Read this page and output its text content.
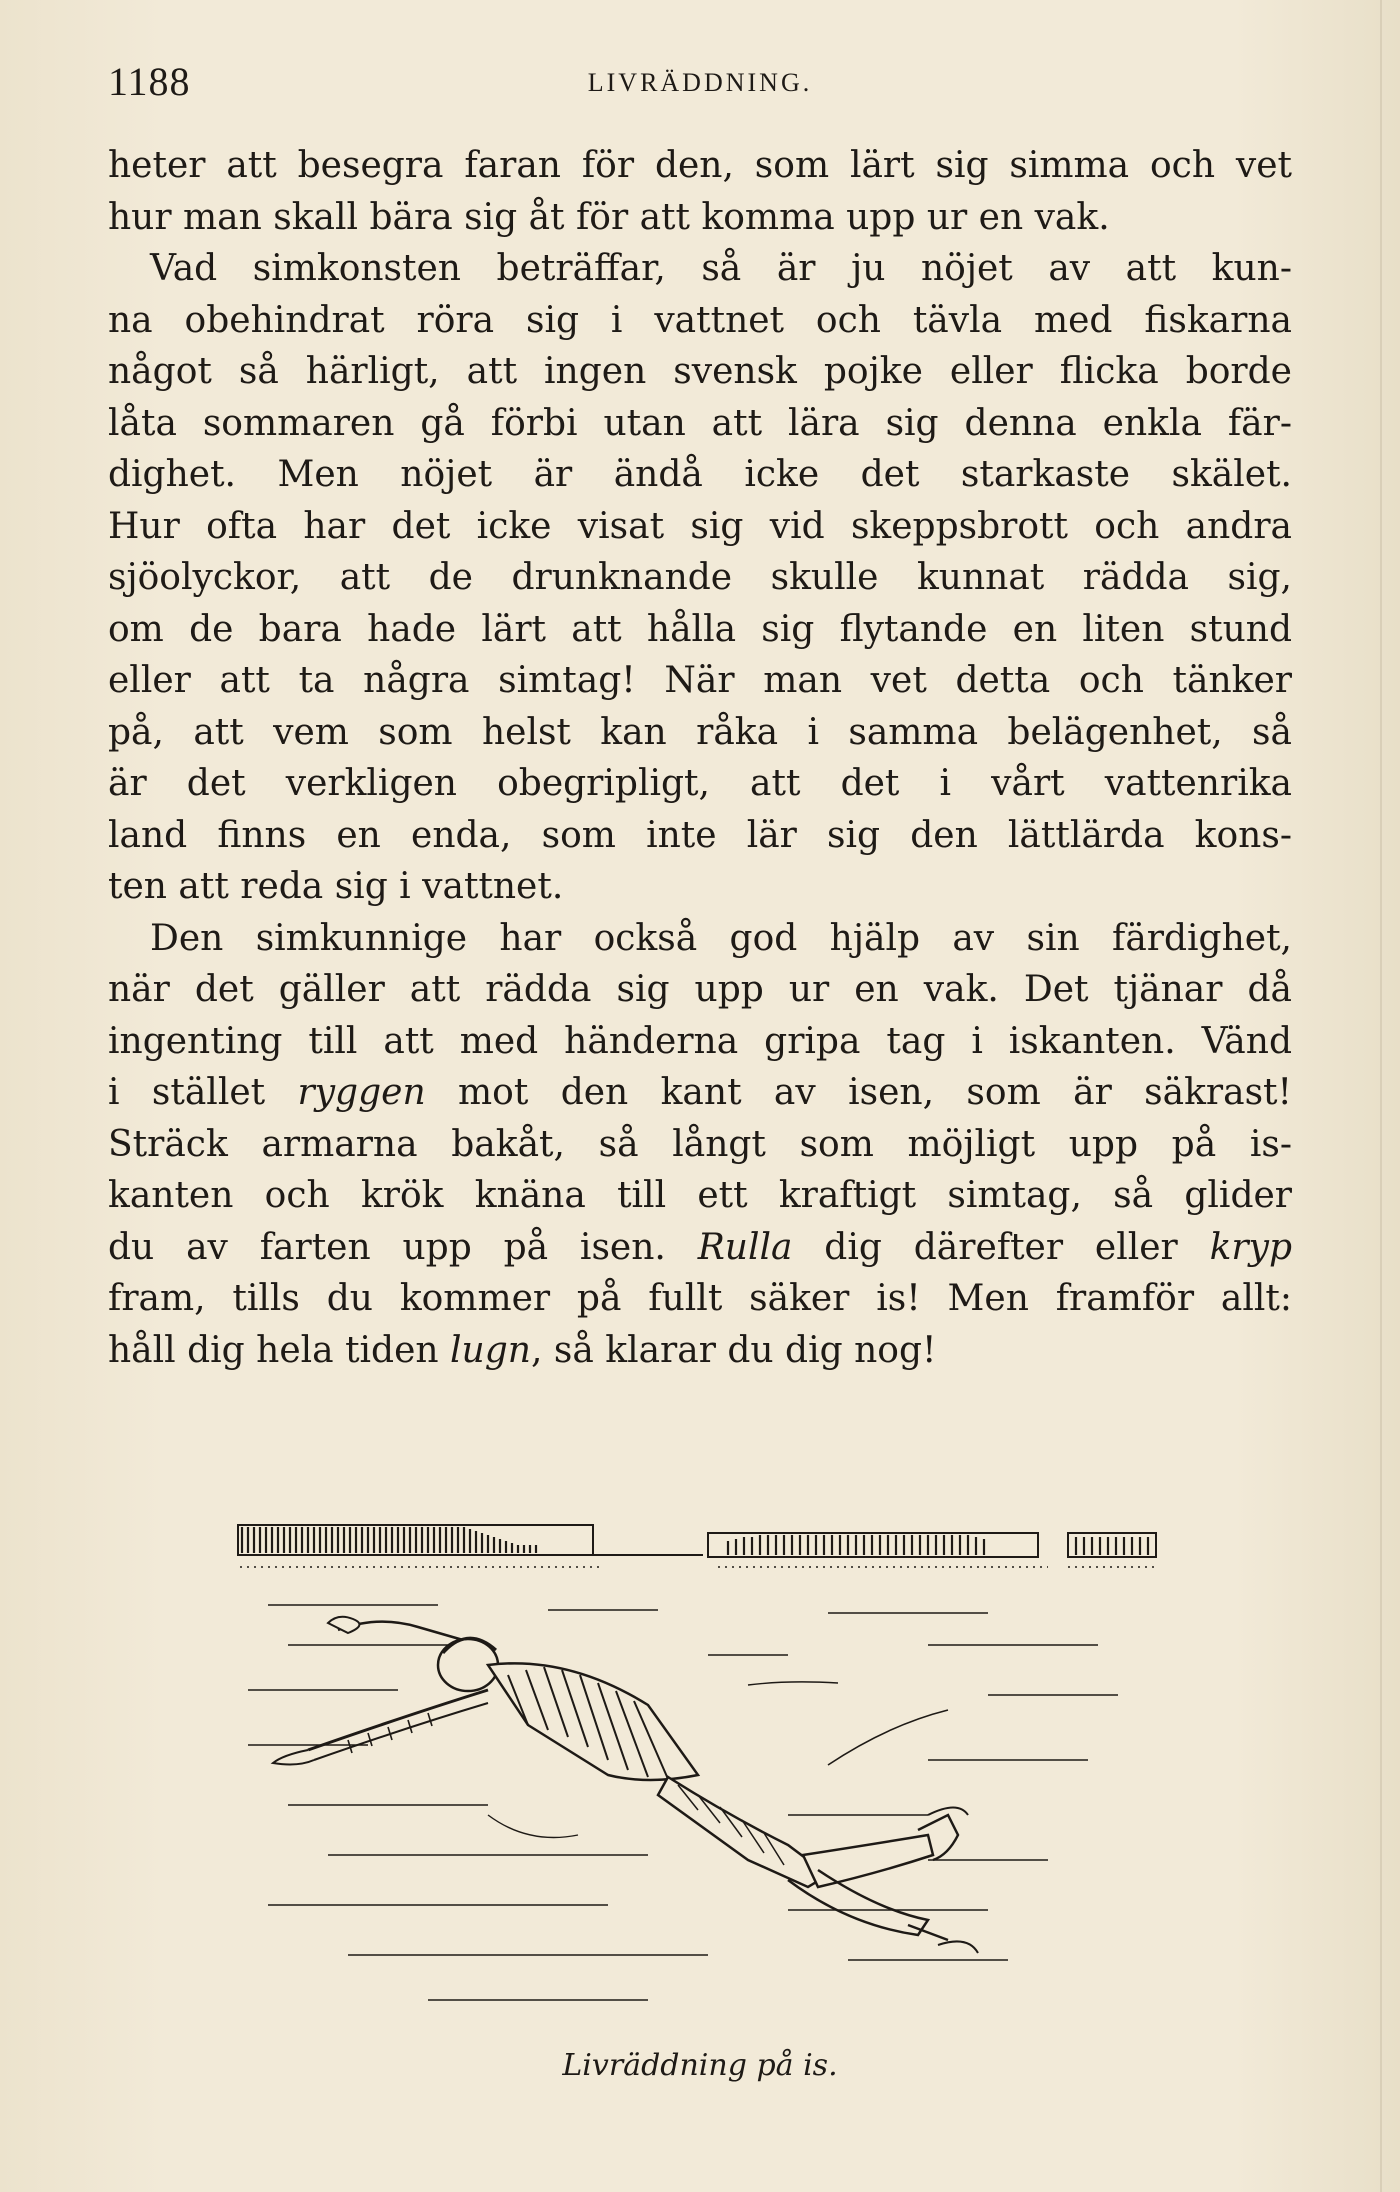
1188	LIVRÄDDNING.
heter att besegra faran för den, som lärt sig simma och vet
hur man skall bära sig åt för att komma upp ur en vak.
Vad simkonsten beträffar, så är ju nöjet av att kun-
na obehindrat röra sig i vattnet och tävla med fiskarna
något så härligt, att ingen svensk pojke eller flicka borde
låta sommaren gå förbi utan att lära sig denna enkla fär-
dighet. Men nöjet är ändå icke det starkaste skälet.
Hur ofta har det icke visat sig vid skeppsbrott och andra
sjöolyckor, att de drunknande skulle kunnat rädda sig,
om de bara hade lärt att hålla sig flytande en liten stund
eller att ta några simtag! När man vet detta och tänker
på, att vem som helst kan råka i samma belägenhet, så
är det verkligen obegripligt, att det i vårt vattenrika
land finns en enda, som inte lär sig den lättlärda kons-
ten att reda sig i vattnet.
Den simkunnige har också god hjälp av sin färdighet,
när det gäller att rädda sig upp ur en vak. Det tjänar då
ingenting till att med händerna gripa tag i iskanten. Vänd
i stället ryggen mot den kant av isen, som är säkrast!
Sträck armarna bakåt, så långt som möjligt upp på is-
kanten och krök knäna till ett kraftigt simtag, så glider
du av farten upp på isen. Rulla dig därefter eller kryp
fram, tills du kommer på fullt säker is! Men framför allt:
håll dig hela tiden lugn, så klarar du dig nog!
Livräddning på is.
